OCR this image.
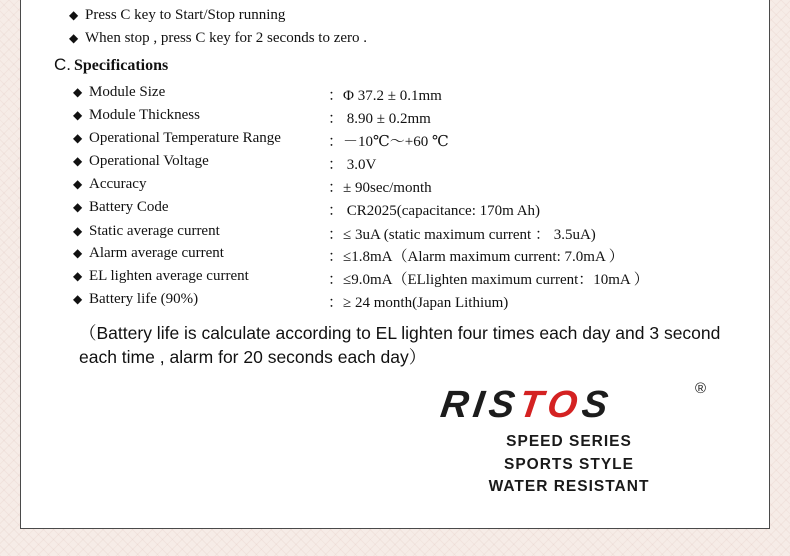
◆ Press C key to Start/Stop running
◆ When stop , press C key for 2 seconds to zero .
C. Specifications
◆ Module Size	：Φ 37.2 ± 0.1mm
◆ Module Thickness	： 8.90 ± 0.2mm
◆ Operational Temperature Range	：－10℃～+60 ℃
◆ Operational Voltage	： 3.0V
◆ Accuracy	：± 90sec/month
◆ Battery Code	： CR2025(capacitance: 170m Ah)
◆ Static average current	：≤ 3uA (static maximum current ： 3.5uA)
◆ Alarm average current	：≤1.8mA（Alarm maximum current: 7.0mA ）
◆ EL lighten average current	：≤9.0mA（ELlighten maximum current：10mA ）
◆ Battery life (90%)	：≥ 24 month(Japan Lithium)
（Battery life is calculate according to EL lighten four times each day and 3 second each time , alarm for 20 seconds each day）
RISTOS	®
SPEED SERIES
SPORTS STYLE
WATER RESISTANT
